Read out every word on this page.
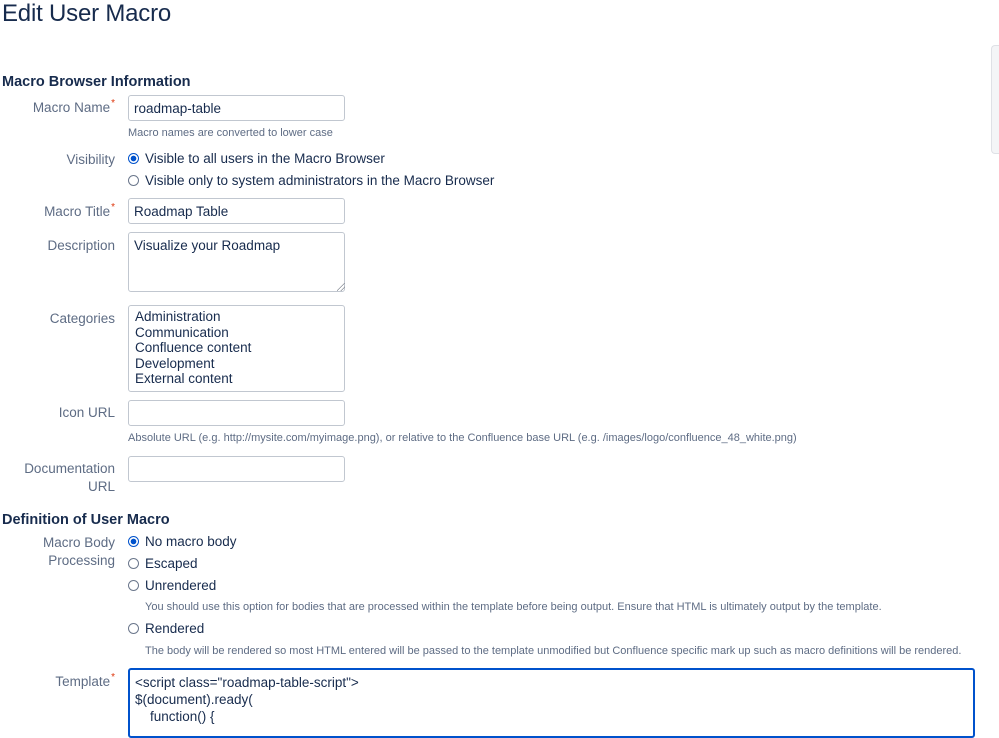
Edit User Macro
Macro Browser Information
Macro Name*
roadmap-table
Macro names are converted to lower case
Visibility Visible to all users in the Macro Browser
Visible only to system administrators in the Macro Browser
Macro Title*
Roadmap Table
Description
Visualize your Roadmap
Categories Administration
Communication
Confluence content
Development
External content
Icon URL
Absolute URL (e.g. http://mysite.com/myimage.png), or relative to the Confluence base URL (e.g. /images/logo/confluence_48_white.png)
Documentation URL
Definition of User Macro
Macro Body
Processing
No macro body
Escaped
Unrendered
You should use this option for bodies that are processed within the template before being output. Ensure that HTML is ultimately output by the template.
Rendered
The body will be rendered so most HTML entered will be passed to the template unmodified but Confluence specific mark up such as macro definitions will be rendered.
Template* <script class="roadmap-table-script">
$(document).ready(
function() {
